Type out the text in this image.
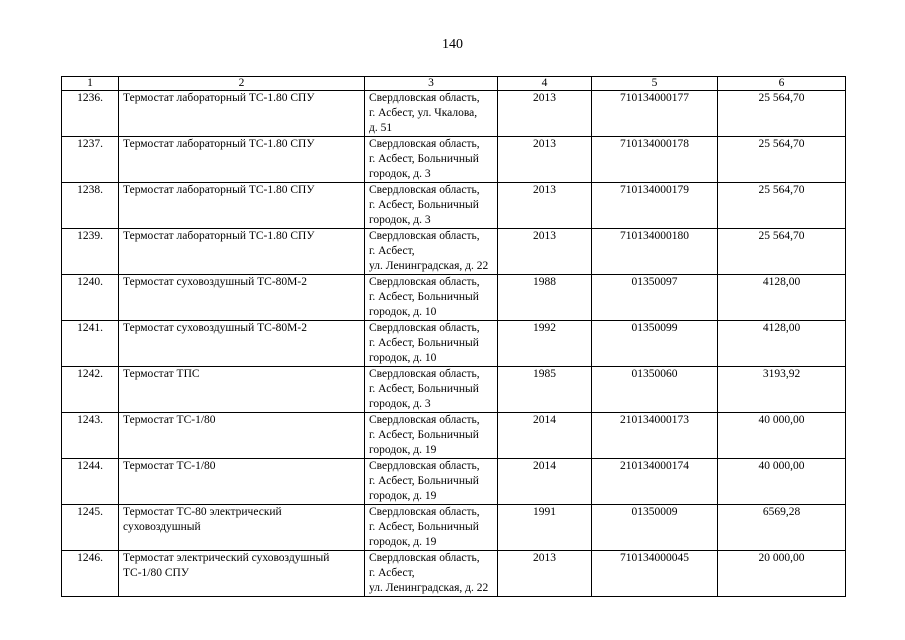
140
1	2	3	4	5	6
1236.	Термостат лабораторный ТС-1.80 СПУ	Свердловская область,
г. Асбест, ул. Чкалова,
д. 51	2013	710134000177	25 564,70
1237.	Термостат лабораторный ТС-1.80 СПУ	Свердловская область,
г. Асбест, Больничный
городок, д. 3	2013	710134000178	25 564,70
1238.	Термостат лабораторный ТС-1.80 СПУ	Свердловская область,
г. Асбест, Больничный
городок, д. 3	2013	710134000179	25 564,70
1239.	Термостат лабораторный ТС-1.80 СПУ	Свердловская область,
г. Асбест,
ул. Ленинградская, д. 22	2013	710134000180	25 564,70
1240.	Термостат суховоздушный ТС-80М-2	Свердловская область,
г. Асбест, Больничный
городок, д. 10	1988	01350097	4128,00
1241.	Термостат суховоздушный ТС-80М-2	Свердловская область,
г. Асбест, Больничный
городок, д. 10	1992	01350099	4128,00
1242.	Термостат ТПС	Свердловская область,
г. Асбест, Больничный
городок, д. 3	1985	01350060	3193,92
1243.	Термостат ТС-1/80	Свердловская область,
г. Асбест, Больничный
городок, д. 19	2014	210134000173	40 000,00
1244.	Термостат ТС-1/80	Свердловская область,
г. Асбест, Больничный
городок, д. 19	2014	210134000174	40 000,00
1245.	Термостат ТС-80 электрический суховоздушный	Свердловская область,
г. Асбест, Больничный
городок, д. 19	1991	01350009	6569,28
1246.	Термостат электрический суховоздушный ТС-1/80 СПУ	Свердловская область,
г. Асбест,
ул. Ленинградская, д. 22	2013	710134000045	20 000,00
